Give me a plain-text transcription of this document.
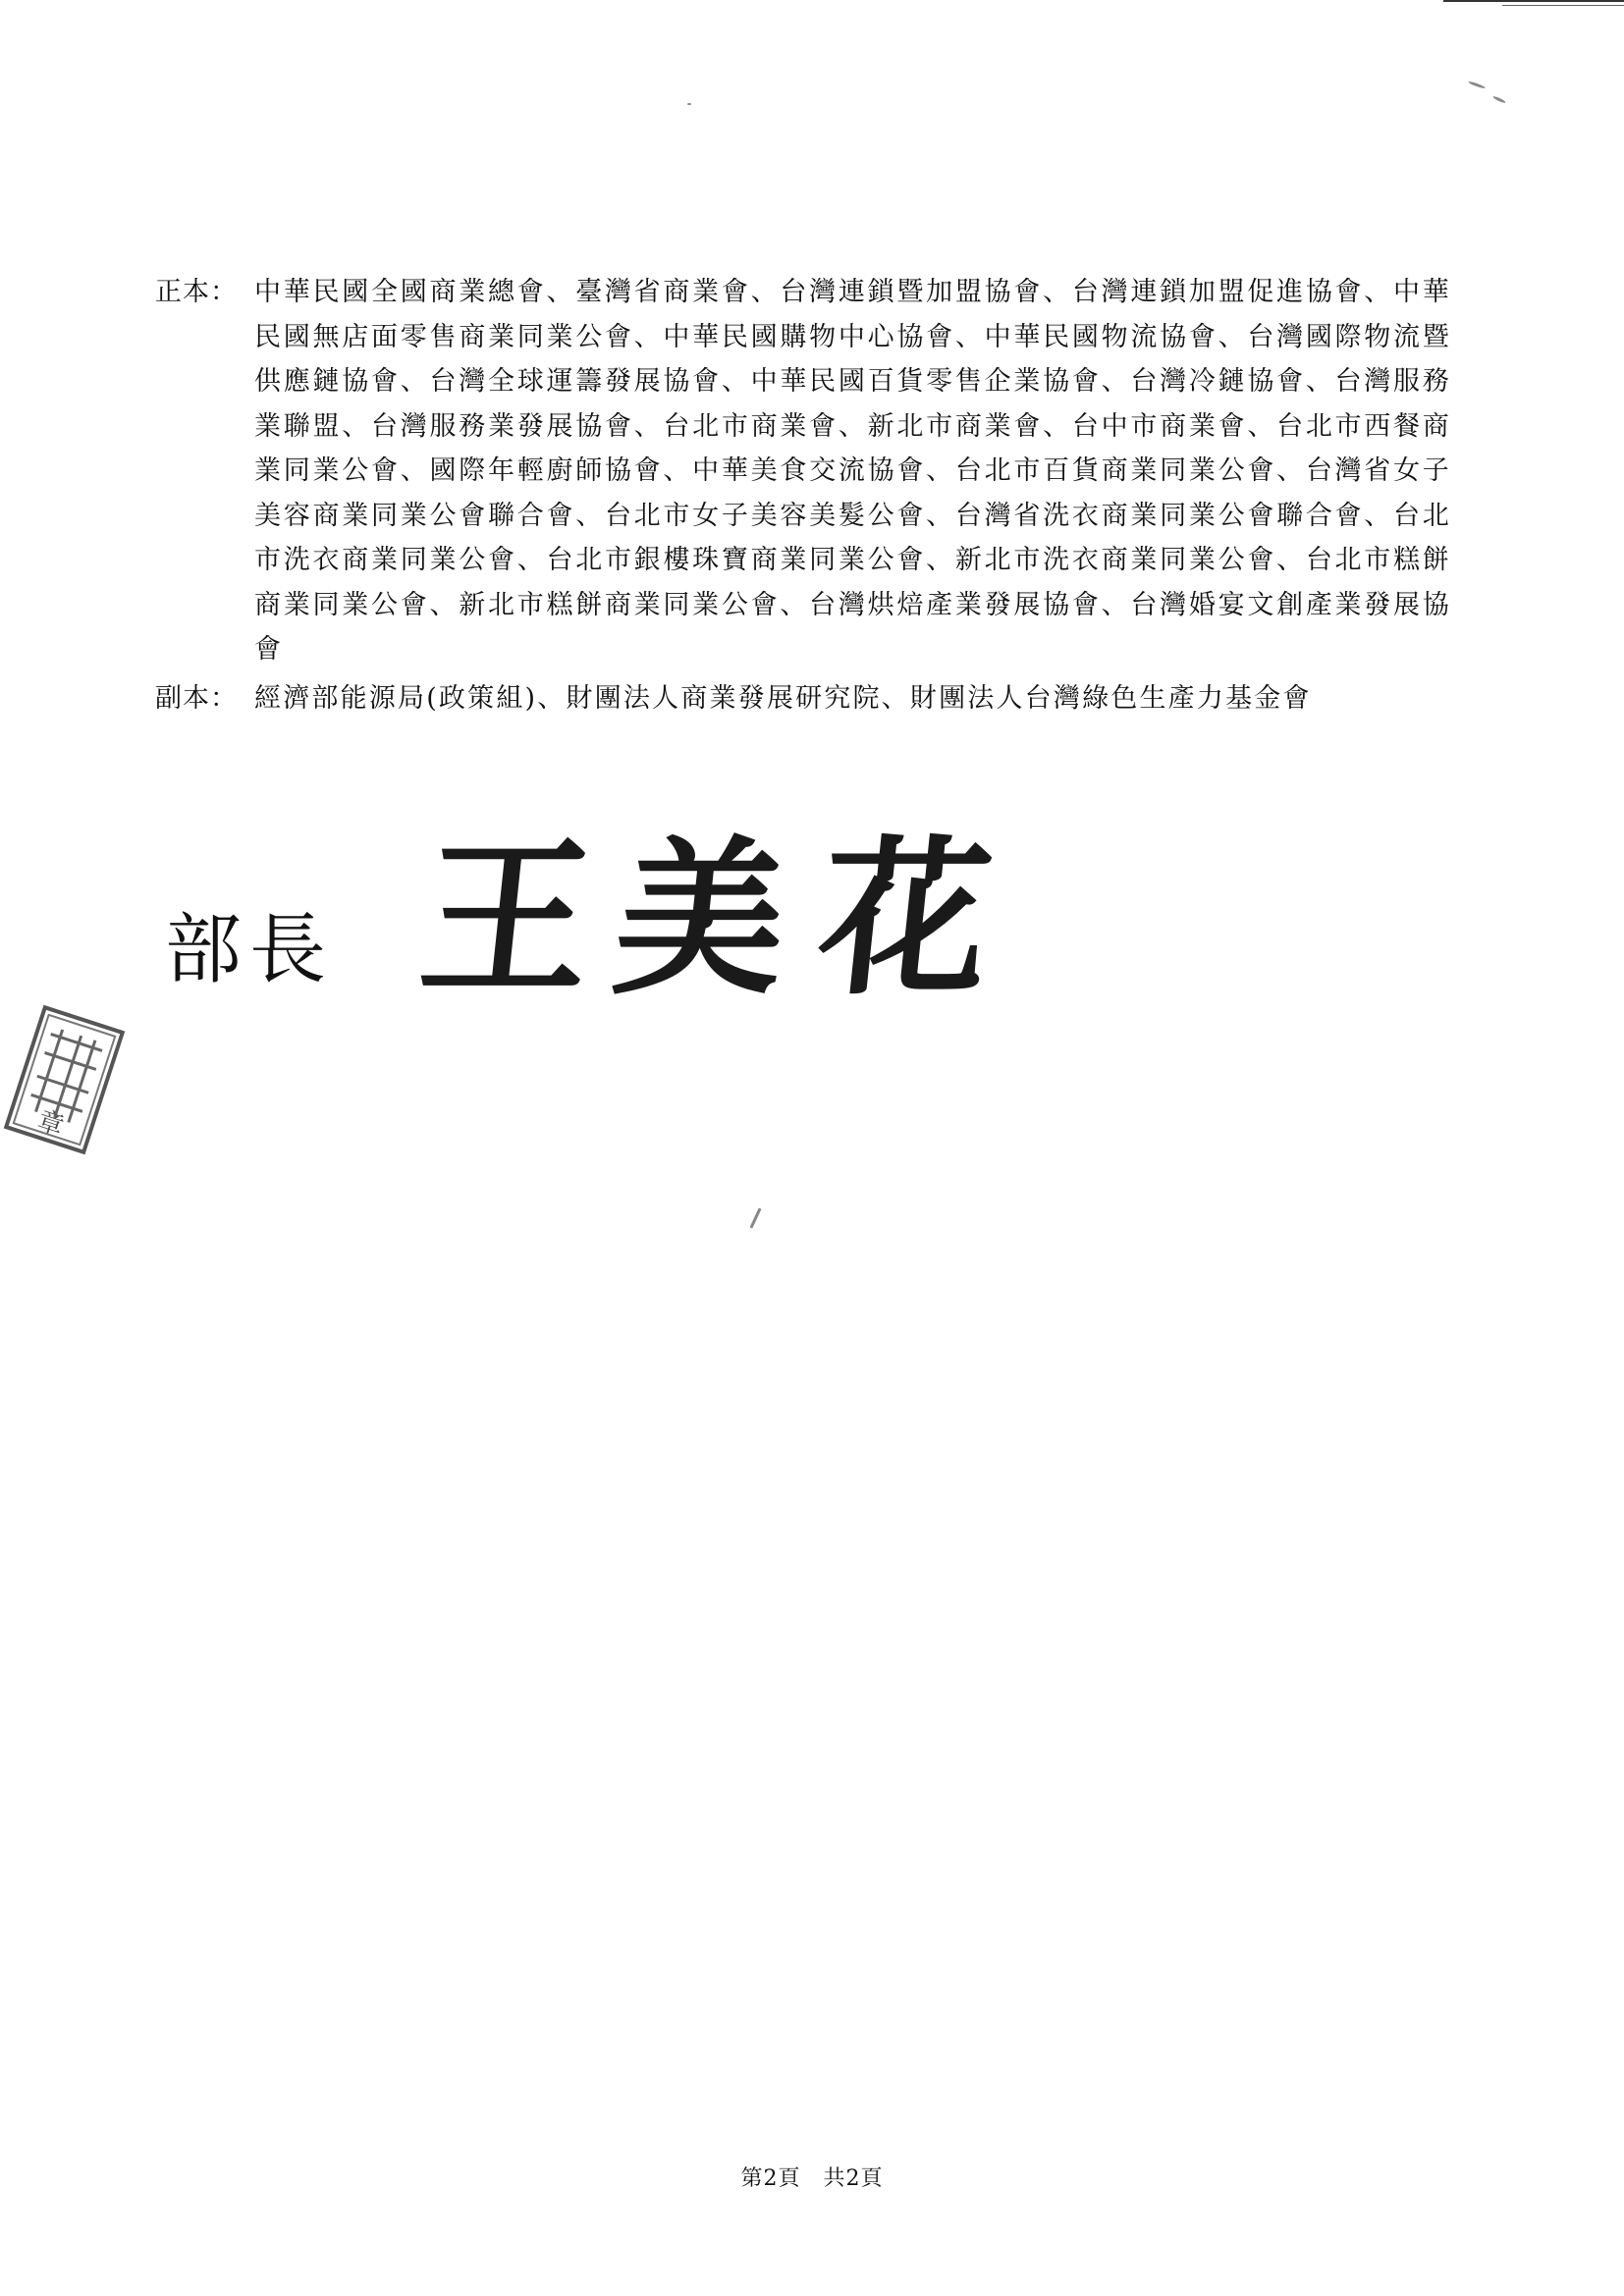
正本： 中華民國全國商業總會、臺灣省商業會、台灣連鎖暨加盟協會、台灣連鎖加盟促進協會、中華民國無店面零售商業同業公會、中華民國購物中心協會、中華民國物流協會、台灣國際物流暨供應鏈協會、台灣全球運籌發展協會、中華民國百貨零售企業協會、台灣冷鏈協會、台灣服務業聯盟、台灣服務業發展協會、台北市商業會、新北市商業會、台中市商業會、台北市西餐商業同業公會、國際年輕廚師協會、中華美食交流協會、台北市百貨商業同業公會、台灣省女子美容商業同業公會聯合會、台北市女子美容美髮公會、台灣省洗衣商業同業公會聯合會、台北市洗衣商業同業公會、台北市銀樓珠寶商業同業公會、新北市洗衣商業同業公會、台北市糕餅商業同業公會、新北市糕餅商業同業公會、台灣烘焙產業發展協會、台灣婚宴文創產業發展協會
副本： 經濟部能源局(政策組)、財團法人商業發展研究院、財團法人台灣綠色生產力基金會
部長 王 美 花
章
第2頁　共2頁
